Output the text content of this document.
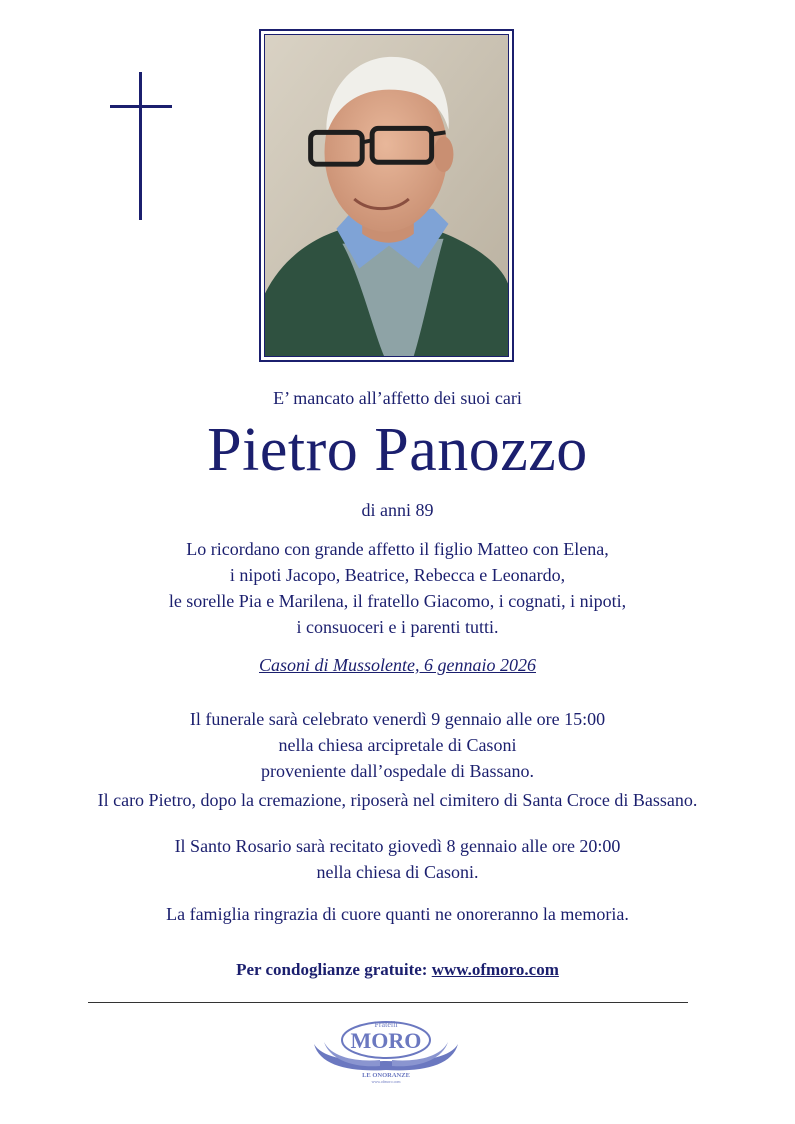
E’ mancato all’affetto dei suoi cari
Pietro Panozzo
di anni 89
Lo ricordano con grande affetto il figlio Matteo con Elena,
i nipoti Jacopo, Beatrice, Rebecca e Leonardo,
le sorelle Pia e Marilena, il fratello Giacomo, i cognati, i nipoti,
i consuoceri e i parenti tutti.
Casoni di Mussolente, 6 gennaio 2026
Il funerale sarà celebrato venerdì 9 gennaio alle ore 15:00
nella chiesa arcipretale di Casoni
proveniente dall’ospedale di Bassano.
Il caro Pietro, dopo la cremazione, riposerà nel cimitero di Santa Croce di Bassano.
Il Santo Rosario sarà recitato giovedì 8 gennaio alle ore 20:00
nella chiesa di Casoni.
La famiglia ringrazia di cuore quanti ne onoreranno la memoria.
Per condoglianze gratuite: www.ofmoro.com
Fratelli
MORO
LE ONORANZE
www.ofmoro.com
